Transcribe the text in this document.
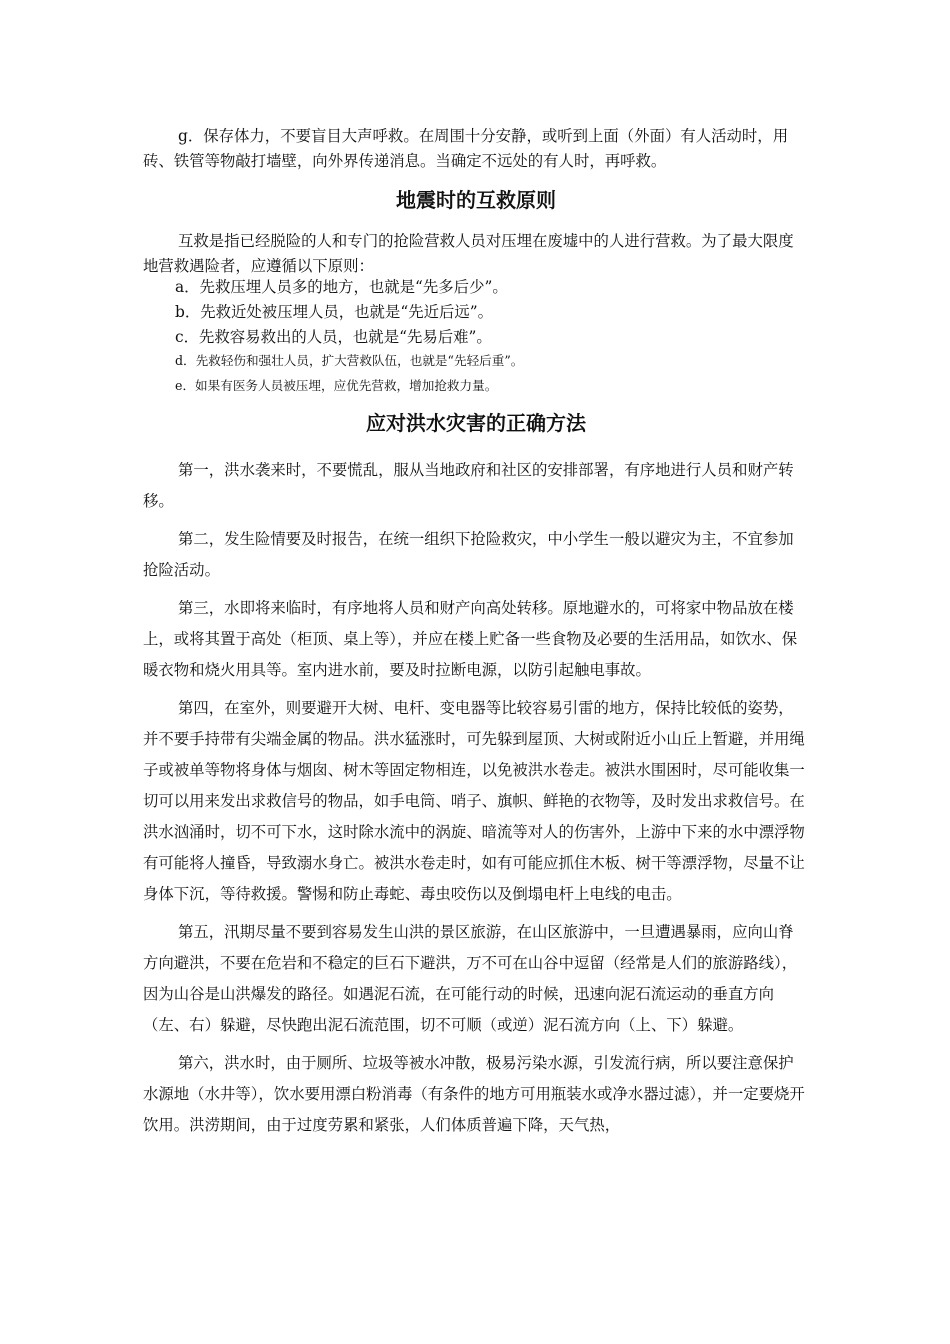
g．保存体力，不要盲目大声呼救。在周围十分安静，或听到上面（外面）有人活动时，用砖、铁管等物敲打墙壁，向外界传递消息。当确定不远处的有人时，再呼救。

地震时的互救原则

互救是指已经脱险的人和专门的抢险营救人员对压埋在废墟中的人进行营救。为了最大限度地营救遇险者，应遵循以下原则：

a．先救压埋人员多的地方，也就是“先多后少”。

b．先救近处被压埋人员，也就是“先近后远”。

c．先救容易救出的人员，也就是“先易后难”。

d．先救轻伤和强壮人员，扩大营救队伍，也就是“先轻后重”。

e．如果有医务人员被压埋，应优先营救，增加抢救力量。

应对洪水灾害的正确方法

第一，洪水袭来时，不要慌乱，服从当地政府和社区的安排部署，有序地进行人员和财产转移。

第二，发生险情要及时报告，在统一组织下抢险救灾，中小学生一般以避灾为主，不宜参加抢险活动。

第三，水即将来临时，有序地将人员和财产向高处转移。原地避水的，可将家中物品放在楼上，或将其置于高处（柜顶、桌上等），并应在楼上贮备一些食物及必要的生活用品，如饮水、保暖衣物和烧火用具等。室内进水前，要及时拉断电源，以防引起触电事故。

第四，在室外，则要避开大树、电杆、变电器等比较容易引雷的地方，保持比较低的姿势，并不要手持带有尖端金属的物品。洪水猛涨时，可先躲到屋顶、大树或附近小山丘上暂避，并用绳子或被单等物将身体与烟囱、树木等固定物相连，以免被洪水卷走。被洪水围困时，尽可能收集一切可以用来发出求救信号的物品，如手电筒、哨子、旗帜、鲜艳的衣物等，及时发出求救信号。在洪水汹涌时，切不可下水，这时除水流中的涡旋、暗流等对人的伤害外，上游中下来的水中漂浮物有可能将人撞昏，导致溺水身亡。被洪水卷走时，如有可能应抓住木板、树干等漂浮物，尽量不让身体下沉，等待救援。警惕和防止毒蛇、毒虫咬伤以及倒塌电杆上电线的电击。

第五，汛期尽量不要到容易发生山洪的景区旅游，在山区旅游中，一旦遭遇暴雨，应向山脊方向避洪，不要在危岩和不稳定的巨石下避洪，万不可在山谷中逗留（经常是人们的旅游路线），因为山谷是山洪爆发的路径。如遇泥石流，在可能行动的时候，迅速向泥石流运动的垂直方向（左、右）躲避，尽快跑出泥石流范围，切不可顺（或逆）泥石流方向（上、下）躲避。

第六，洪水时，由于厕所、垃圾等被水冲散，极易污染水源，引发流行病，所以要注意保护水源地（水井等），饮水要用漂白粉消毒（有条件的地方可用瓶装水或净水器过滤），并一定要烧开饮用。洪涝期间，由于过度劳累和紧张，人们体质普遍下降，天气热，
